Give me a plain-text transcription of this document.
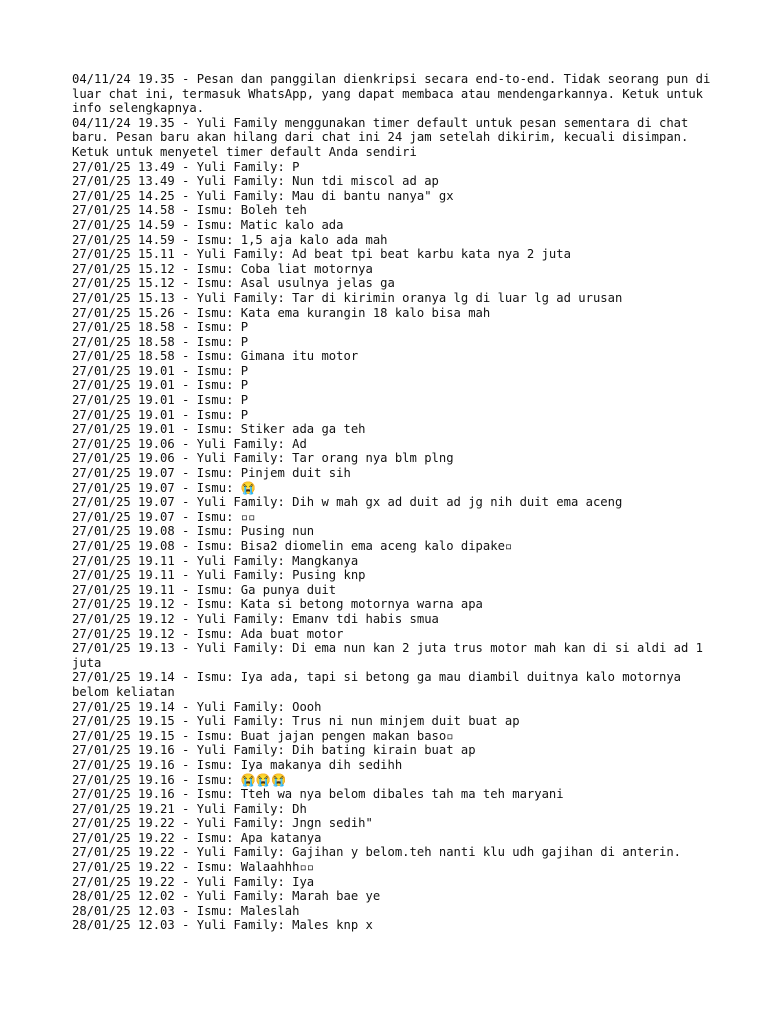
04/11/24 19.35 - Pesan dan panggilan dienkripsi secara end-to-end. Tidak seorang pun di luar chat ini, termasuk WhatsApp, yang dapat membaca atau mendengarkannya. Ketuk untuk info selengkapnya.
04/11/24 19.35 - Yuli Family menggunakan timer default untuk pesan sementara di chat baru. Pesan baru akan hilang dari chat ini 24 jam setelah dikirim, kecuali disimpan. Ketuk untuk menyetel timer default Anda sendiri
27/01/25 13.49 - Yuli Family: P
27/01/25 13.49 - Yuli Family: Nun tdi miscol ad ap
27/01/25 14.25 - Yuli Family: Mau di bantu nanya" gx
27/01/25 14.58 - Ismu: Boleh teh
27/01/25 14.59 - Ismu: Matic kalo ada
27/01/25 14.59 - Ismu: 1,5 aja kalo ada mah
27/01/25 15.11 - Yuli Family: Ad beat tpi beat karbu kata nya 2 juta
27/01/25 15.12 - Ismu: Coba liat motornya
27/01/25 15.12 - Ismu: Asal usulnya jelas ga
27/01/25 15.13 - Yuli Family: Tar di kirimin oranya lg di luar lg ad urusan
27/01/25 15.26 - Ismu: Kata ema kurangin 18 kalo bisa mah
27/01/25 18.58 - Ismu: P
27/01/25 18.58 - Ismu: P
27/01/25 18.58 - Ismu: Gimana itu motor
27/01/25 19.01 - Ismu: P
27/01/25 19.01 - Ismu: P
27/01/25 19.01 - Ismu: P
27/01/25 19.01 - Ismu: P
27/01/25 19.01 - Ismu: Stiker ada ga teh
27/01/25 19.06 - Yuli Family: Ad
27/01/25 19.06 - Yuli Family: Tar orang nya blm plng
27/01/25 19.07 - Ismu: Pinjem duit sih
27/01/25 19.07 - Ismu: 😭
27/01/25 19.07 - Yuli Family: Dih w mah gx ad duit ad jg nih duit ema aceng
27/01/25 19.07 - Ismu: ▫▫
27/01/25 19.08 - Ismu: Pusing nun
27/01/25 19.08 - Ismu: Bisa2 diomelin ema aceng kalo dipake▫
27/01/25 19.11 - Yuli Family: Mangkanya
27/01/25 19.11 - Yuli Family: Pusing knp
27/01/25 19.11 - Ismu: Ga punya duit
27/01/25 19.12 - Ismu: Kata si betong motornya warna apa
27/01/25 19.12 - Yuli Family: Emanv tdi habis smua
27/01/25 19.12 - Ismu: Ada buat motor
27/01/25 19.13 - Yuli Family: Di ema nun kan 2 juta trus motor mah kan di si aldi ad 1 juta
27/01/25 19.14 - Ismu: Iya ada, tapi si betong ga mau diambil duitnya kalo motornya belom keliatan
27/01/25 19.14 - Yuli Family: Oooh
27/01/25 19.15 - Yuli Family: Trus ni nun minjem duit buat ap
27/01/25 19.15 - Ismu: Buat jajan pengen makan baso▫
27/01/25 19.16 - Yuli Family: Dih bating kirain buat ap
27/01/25 19.16 - Ismu: Iya makanya dih sedihh
27/01/25 19.16 - Ismu: 😭😭😭
27/01/25 19.16 - Ismu: Tteh wa nya belom dibales tah ma teh maryani
27/01/25 19.21 - Yuli Family: Dh
27/01/25 19.22 - Yuli Family: Jngn sedih"
27/01/25 19.22 - Ismu: Apa katanya
27/01/25 19.22 - Yuli Family: Gajihan y belom.teh nanti klu udh gajihan di anterin.
27/01/25 19.22 - Ismu: Walaahhh▫▫
27/01/25 19.22 - Yuli Family: Iya
28/01/25 12.02 - Yuli Family: Marah bae ye
28/01/25 12.03 - Ismu: Maleslah
28/01/25 12.03 - Yuli Family: Males knp x
